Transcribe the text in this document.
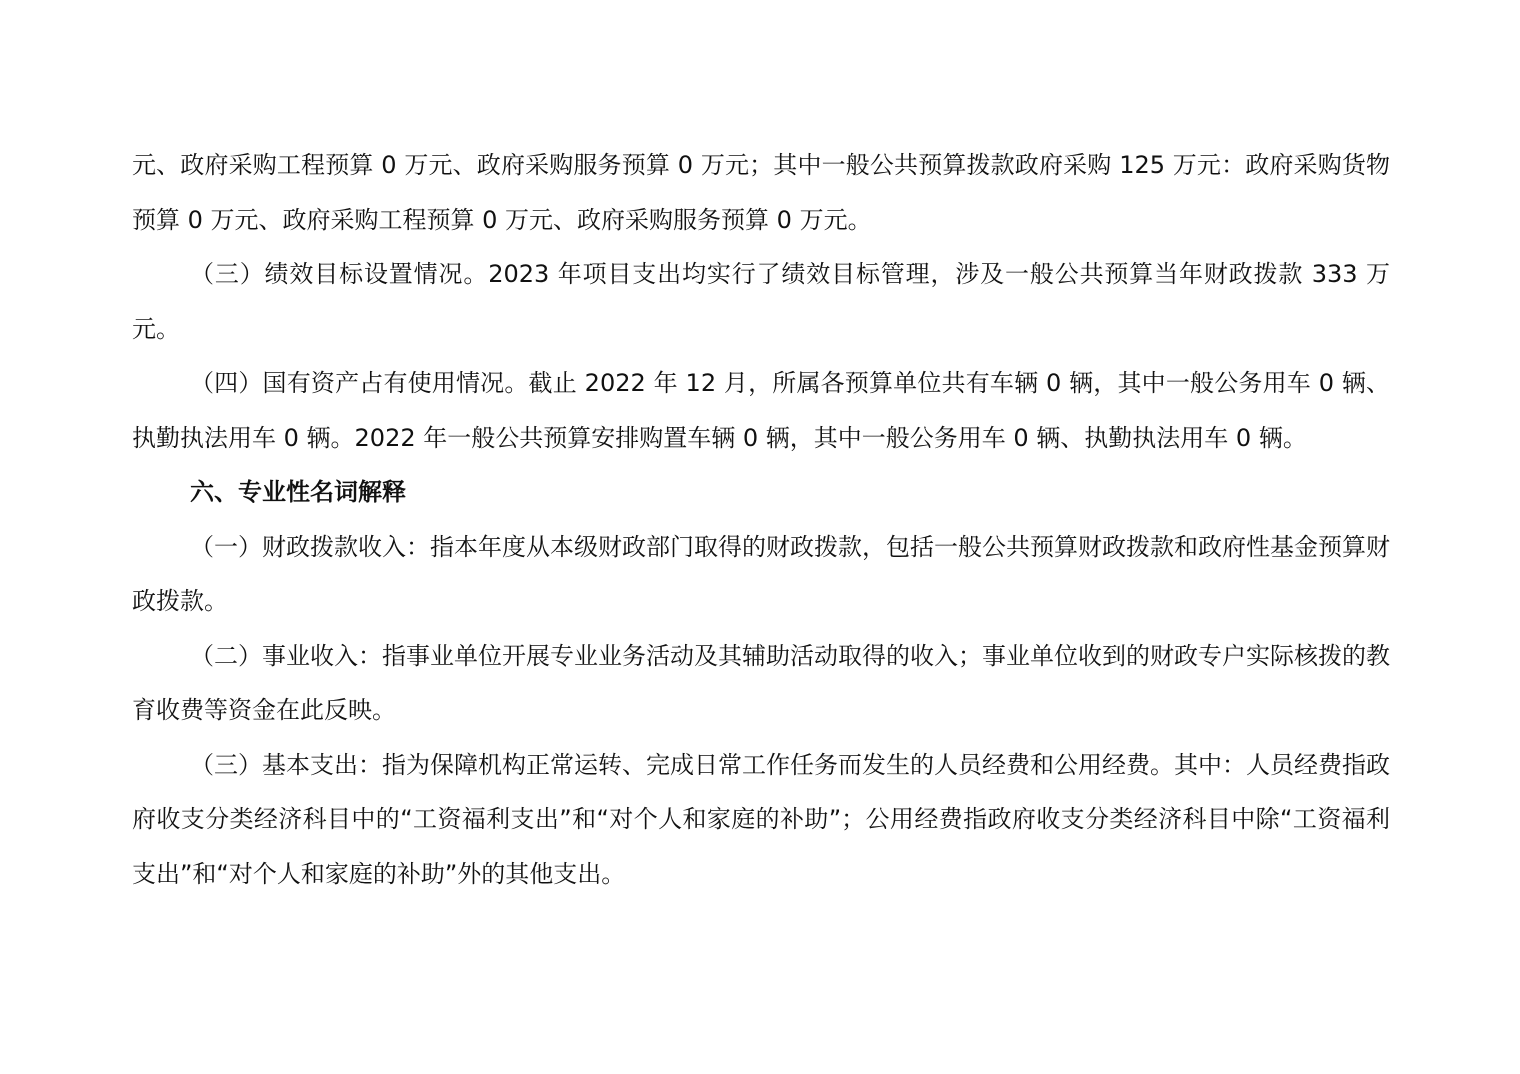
元、政府采购工程预算 0 万元、政府采购服务预算 0 万元；其中一般公共预算拨款政府采购 125 万元：政府采购货物预算 0 万元、政府采购工程预算 0 万元、政府采购服务预算 0 万元。

（三）绩效目标设置情况。2023 年项目支出均实行了绩效目标管理，涉及一般公共预算当年财政拨款 333 万元。

（四）国有资产占有使用情况。截止 2022 年 12 月，所属各预算单位共有车辆 0 辆，其中一般公务用车 0 辆、执勤执法用车 0 辆。2022 年一般公共预算安排购置车辆 0 辆，其中一般公务用车 0 辆、执勤执法用车 0 辆。

六、专业性名词解释

（一）财政拨款收入：指本年度从本级财政部门取得的财政拨款，包括一般公共预算财政拨款和政府性基金预算财政拨款。

（二）事业收入：指事业单位开展专业业务活动及其辅助活动取得的收入；事业单位收到的财政专户实际核拨的教育收费等资金在此反映。

（三）基本支出：指为保障机构正常运转、完成日常工作任务而发生的人员经费和公用经费。其中：人员经费指政府收支分类经济科目中的“工资福利支出”和“对个人和家庭的补助”；公用经费指政府收支分类经济科目中除“工资福利支出”和“对个人和家庭的补助”外的其他支出。
